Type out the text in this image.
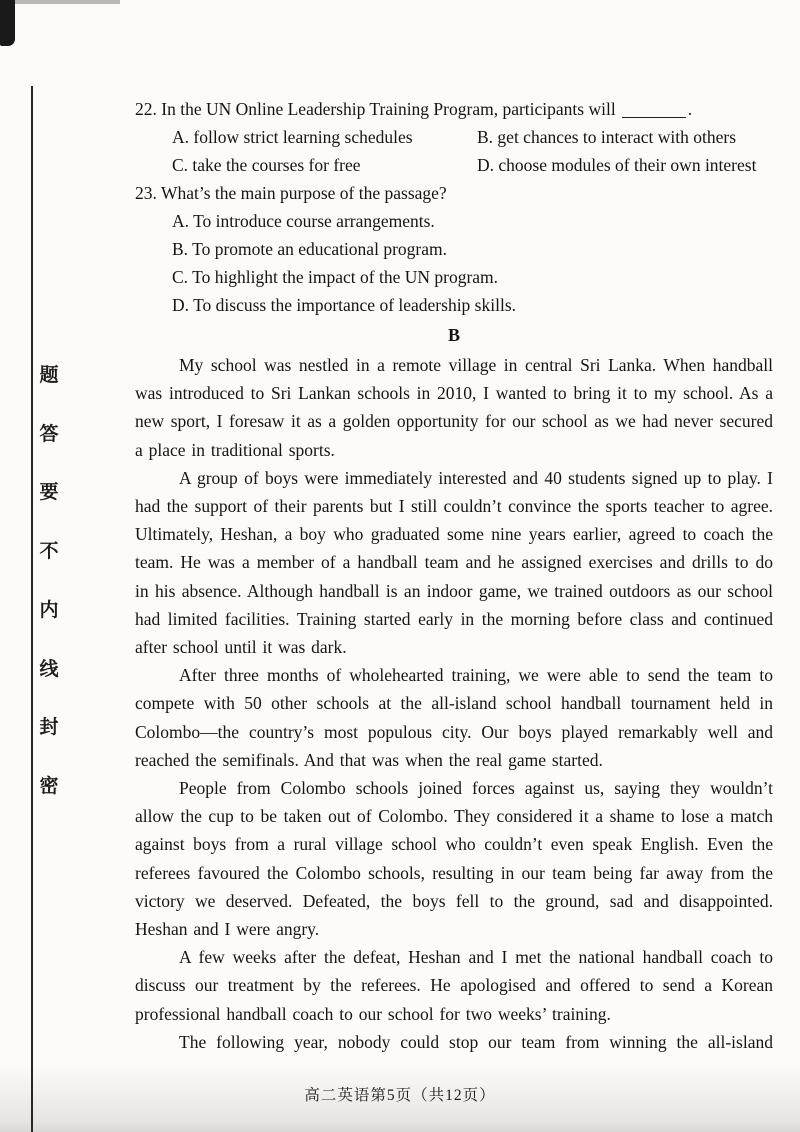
题
答
要
不
内
线
封
密
22. In the UN Online Leadership Training Program, participants will	.
A. follow strict learning schedules	B. get chances to interact with others
C. take the courses for free	D. choose modules of their own interest
23. What’s the main purpose of the passage?
A. To introduce course arrangements.
B. To promote an educational program.
C. To highlight the impact of the UN program.
D. To discuss the importance of leadership skills.
B

My school was nestled in a remote village in central Sri Lanka. When handball was introduced to Sri Lankan schools in 2010, I wanted to bring it to my school. As a new sport, I foresaw it as a golden opportunity for our school as we had never secured a place in traditional sports.

A group of boys were immediately interested and 40 students signed up to play. I had the support of their parents but I still couldn’t convince the sports teacher to agree. Ultimately, Heshan, a boy who graduated some nine years earlier, agreed to coach the team. He was a member of a handball team and he assigned exercises and drills to do in his absence. Although handball is an indoor game, we trained outdoors as our school had limited facilities. Training started early in the morning before class and continued after school until it was dark.

After three months of wholehearted training, we were able to send the team to compete with 50 other schools at the all-island school handball tournament held in Colombo—the country’s most populous city. Our boys played remarkably well and reached the semifinals. And that was when the real game started.

People from Colombo schools joined forces against us, saying they wouldn’t allow the cup to be taken out of Colombo. They considered it a shame to lose a match against boys from a rural village school who couldn’t even speak English. Even the referees favoured the Colombo schools, resulting in our team being far away from the victory we deserved. Defeated, the boys fell to the ground, sad and disappointed. Heshan and I were angry.

A few weeks after the defeat, Heshan and I met the national handball coach to discuss our treatment by the referees. He apologised and offered to send a Korean professional handball coach to our school for two weeks’ training.

The following year, nobody could stop our team from winning the all-island

高二英语第5页（共12页）
